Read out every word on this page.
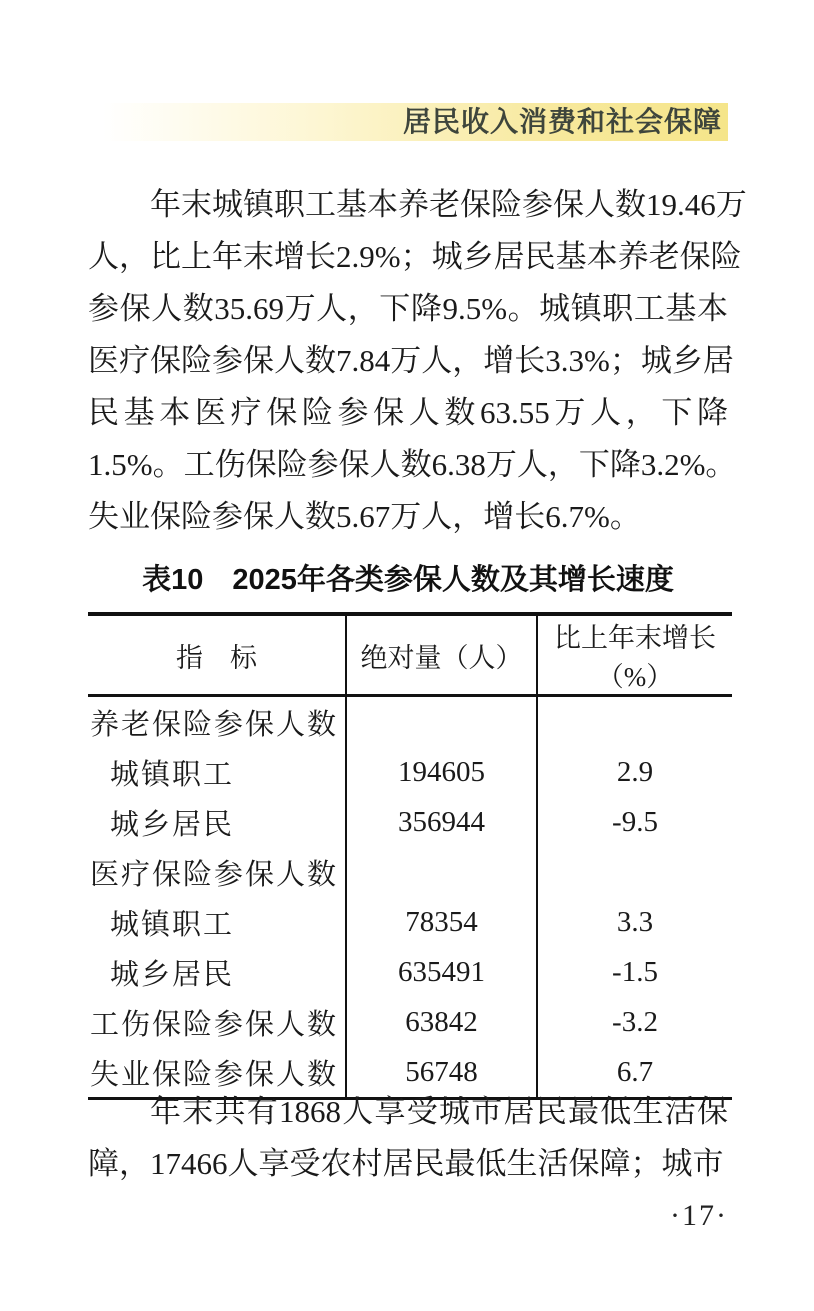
居民收入消费和社会保障
年末城镇职工基本养老保险参保人数19.46万
人，比上年末增长2.9%；城乡居民基本养老保险
参保人数35.69万人，下降9.5%。城镇职工基本
医疗保险参保人数7.84万人，增长3.3%；城乡居
民基本医疗保险参保人数63.55万人，下降
1.5%。工伤保险参保人数6.38万人，下降3.2%。
失业保险参保人数5.67万人，增长6.7%。
表10　2025年各类参保人数及其增长速度
指　标	绝对量（人）	比上年末增长（%）
养老保险参保人数		
城镇职工	194605	2.9
城乡居民	356944	-9.5
医疗保险参保人数		
城镇职工	78354	3.3
城乡居民	635491	-1.5
工伤保险参保人数	63842	-3.2
失业保险参保人数	56748	6.7
年末共有1868人享受城市居民最低生活保
障，17466人享受农村居民最低生活保障；城市
·17·
